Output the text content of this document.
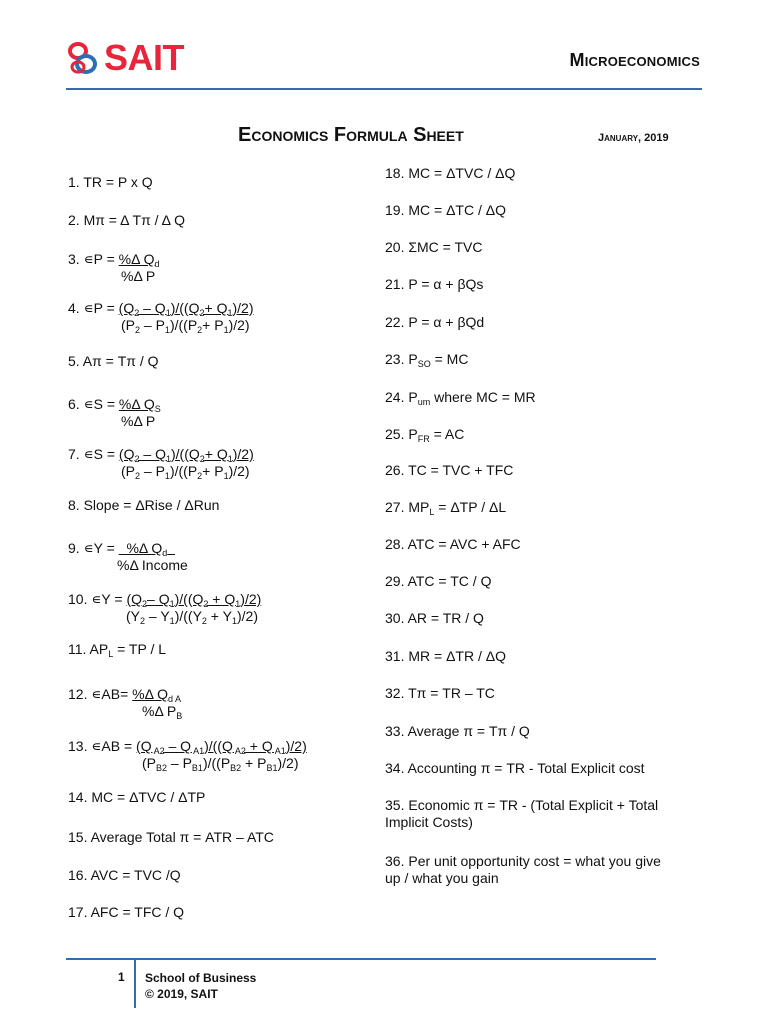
SAIT	Microeconomics
Economics Formula Sheet	January, 2019
1. TR = P x Q
2. Mπ = Δ Tπ / Δ Q
3. ∊P = %Δ $Q_d$
%Δ P
4. ∊P = $(Q_2 - Q_1)/((Q_2+ Q_1)/2)$
$(P_2 - P_1)/((P_2+ P_1)/2)$
5. Aπ = Tπ / Q
6. ∊S = %Δ $Q_S$
%Δ P
7. ∊S = $(Q_2 - Q_1)/((Q_2+ Q_1)/2)$
$(P_2 - P_1)/((P_2+ P_1)/2)$
8. Slope = ΔRise / ΔRun
9. ∊Y =   %Δ $Q_d$
%Δ Income
10. ∊Y = ($Q_2-$ $Q_1)/((Q_2 + Q_1)/2)$
$(Y_2 - Y_1)/((Y_2 + Y_1)/2)$
11. $AP_L$ = TP / L
12. ∊AB= %Δ $Q_{d A}$
%Δ $P_B$
13. ∊AB = (Q $_{A2}$ – Q $_{A1}$)/((Q $_{A2}$ + Q $_{A1}$)/2)
$(P_{B2} - P_{B1})/((P_{B2} + P_{B1})/2)$
14. MC = ΔTVC / ΔTP
15. Average Total π = ATR – ATC
16. AVC = TVC /Q
17. AFC = TFC / Q
18. MC = ΔTVC / ΔQ
19. MC = ΔTC / ΔQ
20. ΣMC = TVC
21. P = α + βQs
22. P = α + βQd
23. $P_{SO}$ = MC
24. $P_{um}$ where MC = MR
25. $P_{FR}$ = AC
26. TC = TVC + TFC
27. $MP_L = \Delta TP / \Delta L$
28. ATC = AVC + AFC
29. ATC = TC / Q
30. AR = TR / Q
31. MR = ΔTR / ΔQ
32. Tπ = TR – TC
33. Average π = Tπ / Q
34. Accounting π = TR - Total Explicit cost
35. Economic π = TR - (Total Explicit + Total Implicit Costs)
36. Per unit opportunity cost = what you give up / what you gain
1 School of Business
© 2019, SAIT
